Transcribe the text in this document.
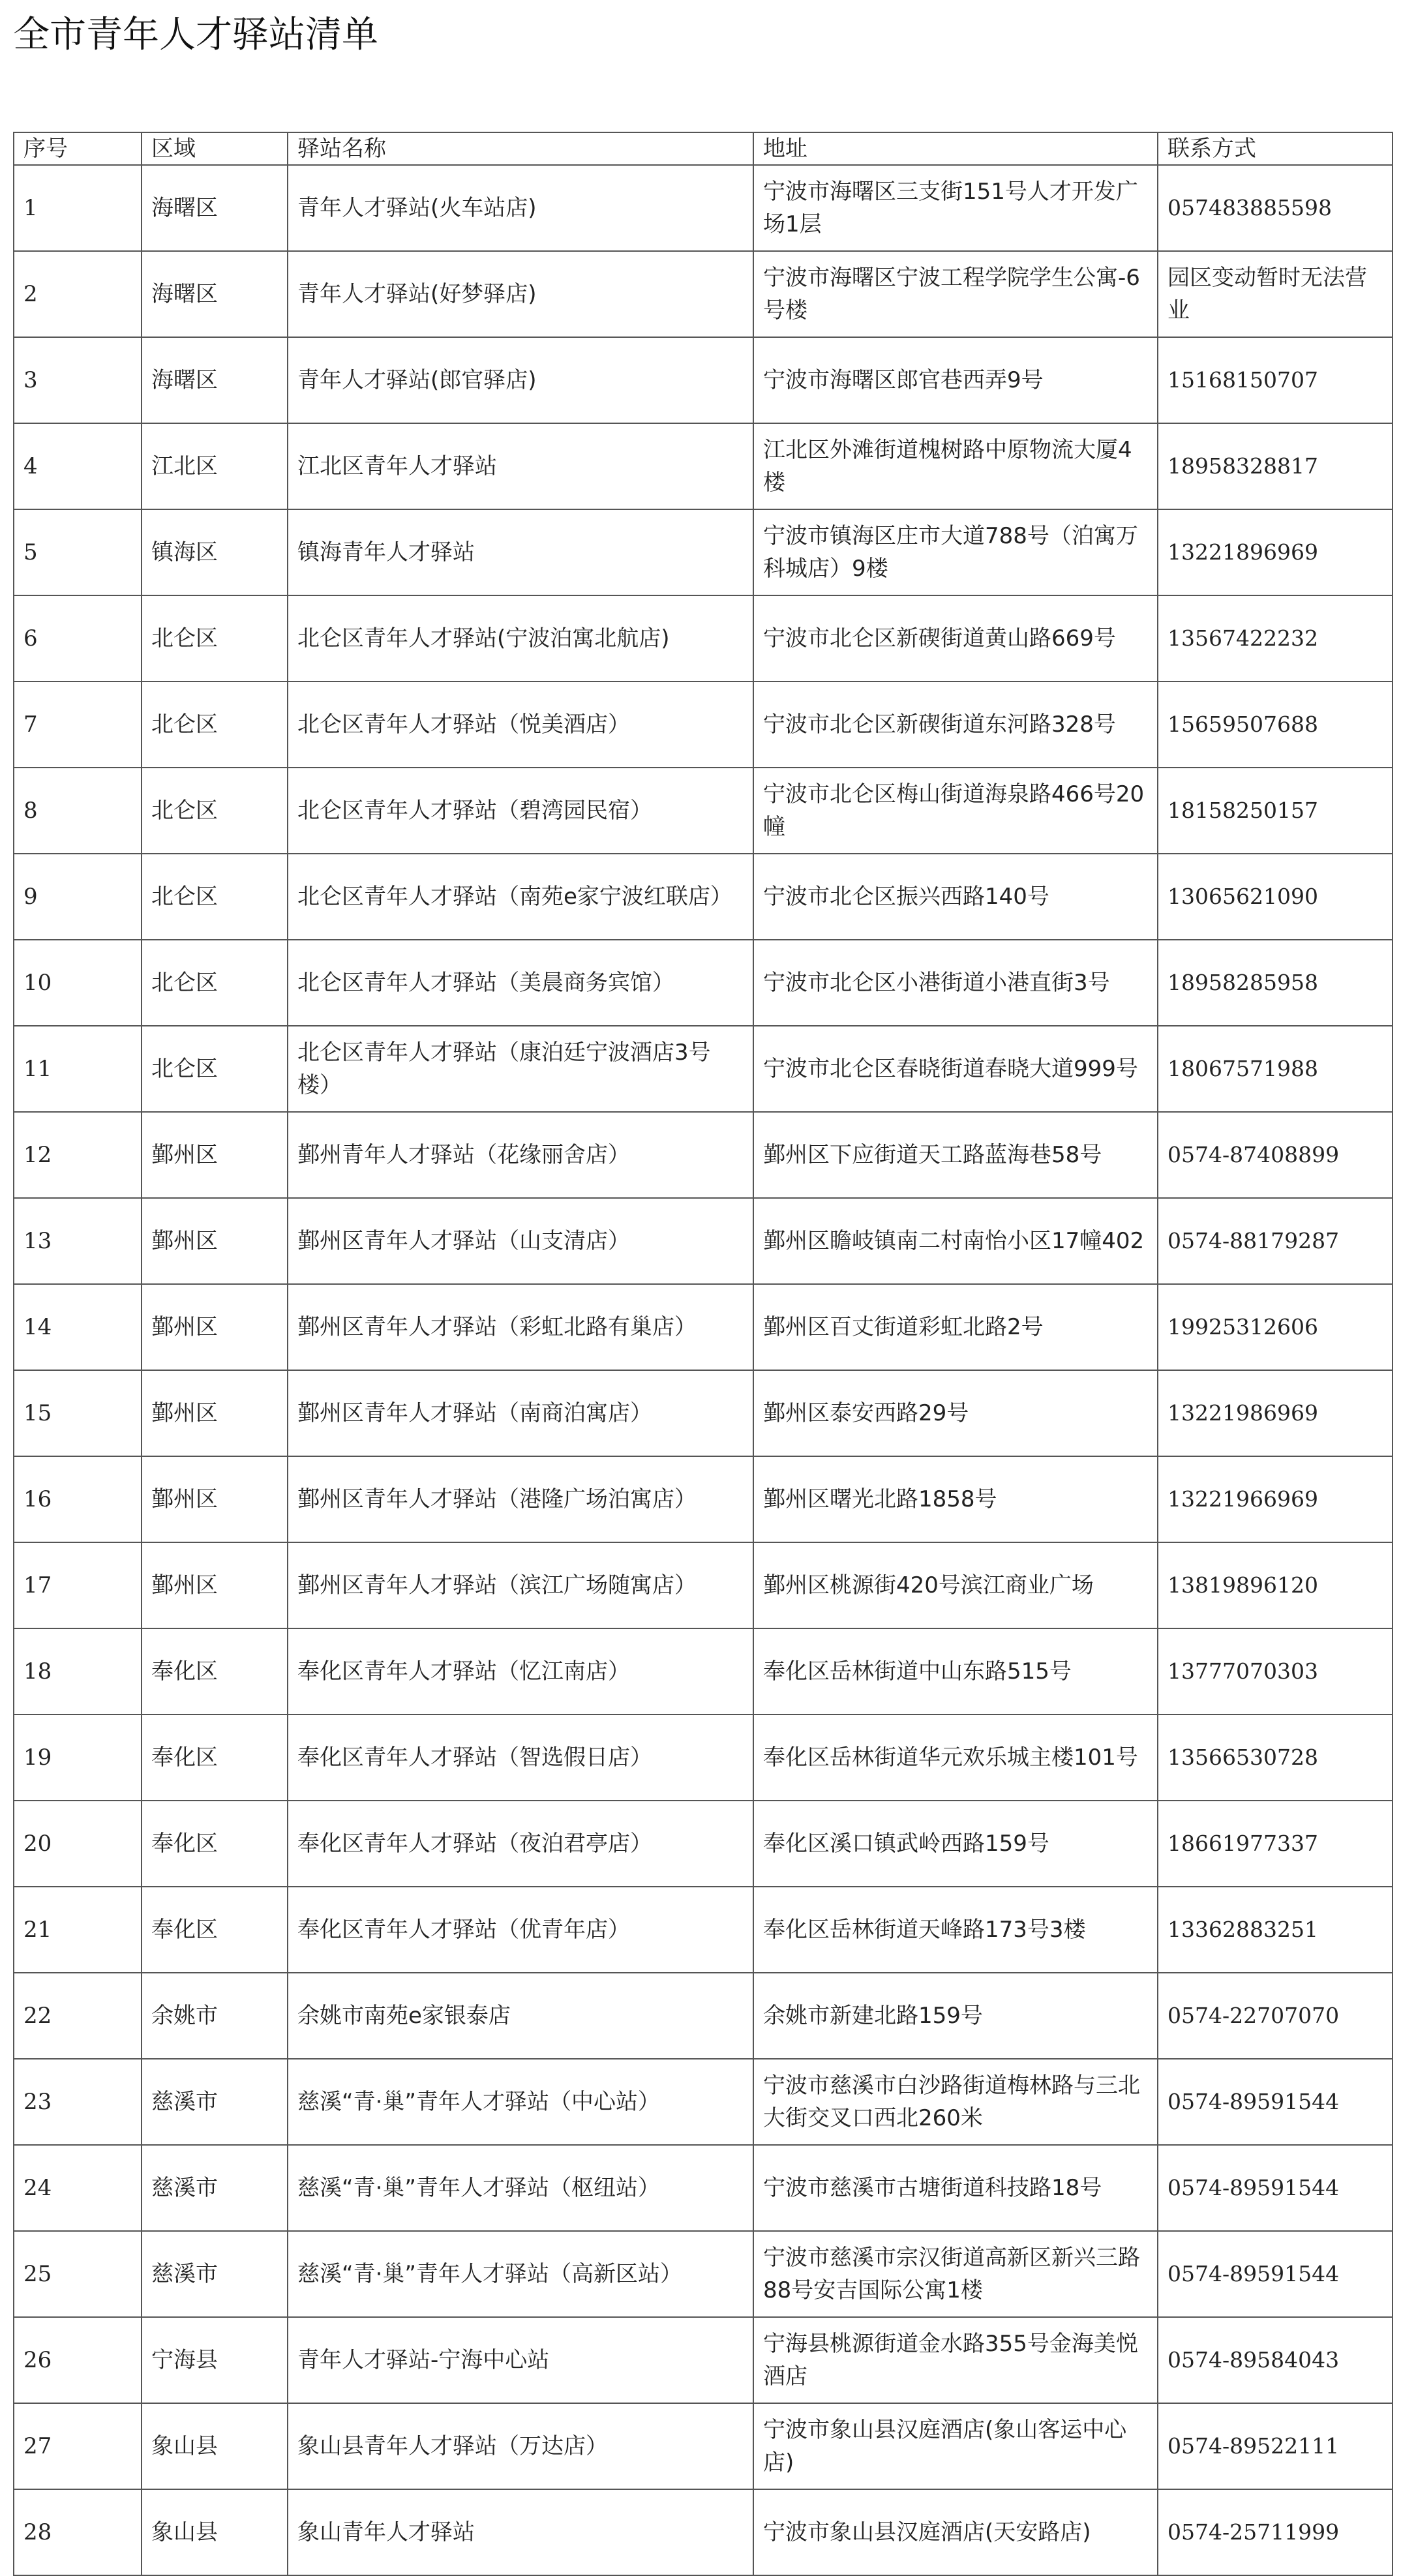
全市青年人才驿站清单
序号	区域	驿站名称	地址	联系方式
1	海曙区	青年人才驿站(火车站店)	宁波市海曙区三支街151号人才开发广场1层	057483885598
2	海曙区	青年人才驿站(好梦驿店)	宁波市海曙区宁波工程学院学生公寓-6号楼	园区变动暂时无法营业
3	海曙区	青年人才驿站(郎官驿店)	宁波市海曙区郎官巷西弄9号	15168150707
4	江北区	江北区青年人才驿站	江北区外滩街道槐树路中原物流大厦4楼	18958328817
5	镇海区	镇海青年人才驿站	宁波市镇海区庄市大道788号（泊寓万科城店）9楼	13221896969
6	北仑区	北仑区青年人才驿站(宁波泊寓北航店)	宁波市北仑区新碶街道黄山路669号	13567422232
7	北仑区	北仑区青年人才驿站（悦美酒店）	宁波市北仑区新碶街道东河路328号	15659507688
8	北仑区	北仑区青年人才驿站（碧湾园民宿）	宁波市北仑区梅山街道海泉路466号20幢	18158250157
9	北仑区	北仑区青年人才驿站（南苑e家宁波红联店）	宁波市北仑区振兴西路140号	13065621090
10	北仑区	北仑区青年人才驿站（美晨商务宾馆）	宁波市北仑区小港街道小港直街3号	18958285958
11	北仑区	北仑区青年人才驿站（康泊廷宁波酒店3号楼）	宁波市北仑区春晓街道春晓大道999号	18067571988
12	鄞州区	鄞州青年人才驿站（花缘丽舍店）	鄞州区下应街道天工路蓝海巷58号	0574-87408899
13	鄞州区	鄞州区青年人才驿站（山支清店）	鄞州区瞻岐镇南二村南怡小区17幢402	0574-88179287
14	鄞州区	鄞州区青年人才驿站（彩虹北路有巢店）	鄞州区百丈街道彩虹北路2号	19925312606
15	鄞州区	鄞州区青年人才驿站（南商泊寓店）	鄞州区泰安西路29号	13221986969
16	鄞州区	鄞州区青年人才驿站（港隆广场泊寓店）	鄞州区曙光北路1858号	13221966969
17	鄞州区	鄞州区青年人才驿站（滨江广场随寓店）	鄞州区桃源街420号滨江商业广场	13819896120
18	奉化区	奉化区青年人才驿站（忆江南店）	奉化区岳林街道中山东路515号	13777070303
19	奉化区	奉化区青年人才驿站（智选假日店）	奉化区岳林街道华元欢乐城主楼101号	13566530728
20	奉化区	奉化区青年人才驿站（夜泊君亭店）	奉化区溪口镇武岭西路159号	18661977337
21	奉化区	奉化区青年人才驿站（优青年店）	奉化区岳林街道天峰路173号3楼	13362883251
22	余姚市	余姚市南苑e家银泰店	余姚市新建北路159号	0574-22707070
23	慈溪市	慈溪“青·巢”青年人才驿站（中心站）	宁波市慈溪市白沙路街道梅林路与三北大街交叉口西北260米	0574-89591544
24	慈溪市	慈溪“青·巢”青年人才驿站（枢纽站）	宁波市慈溪市古塘街道科技路18号	0574-89591544
25	慈溪市	慈溪“青·巢”青年人才驿站（高新区站）	宁波市慈溪市宗汉街道高新区新兴三路88号安吉国际公寓1楼	0574-89591544
26	宁海县	青年人才驿站-宁海中心站	宁海县桃源街道金水路355号金海美悦酒店	0574-89584043
27	象山县	象山县青年人才驿站（万达店）	宁波市象山县汉庭酒店(象山客运中心店)	0574-89522111
28	象山县	象山青年人才驿站	宁波市象山县汉庭酒店(天安路店)	0574-25711999
